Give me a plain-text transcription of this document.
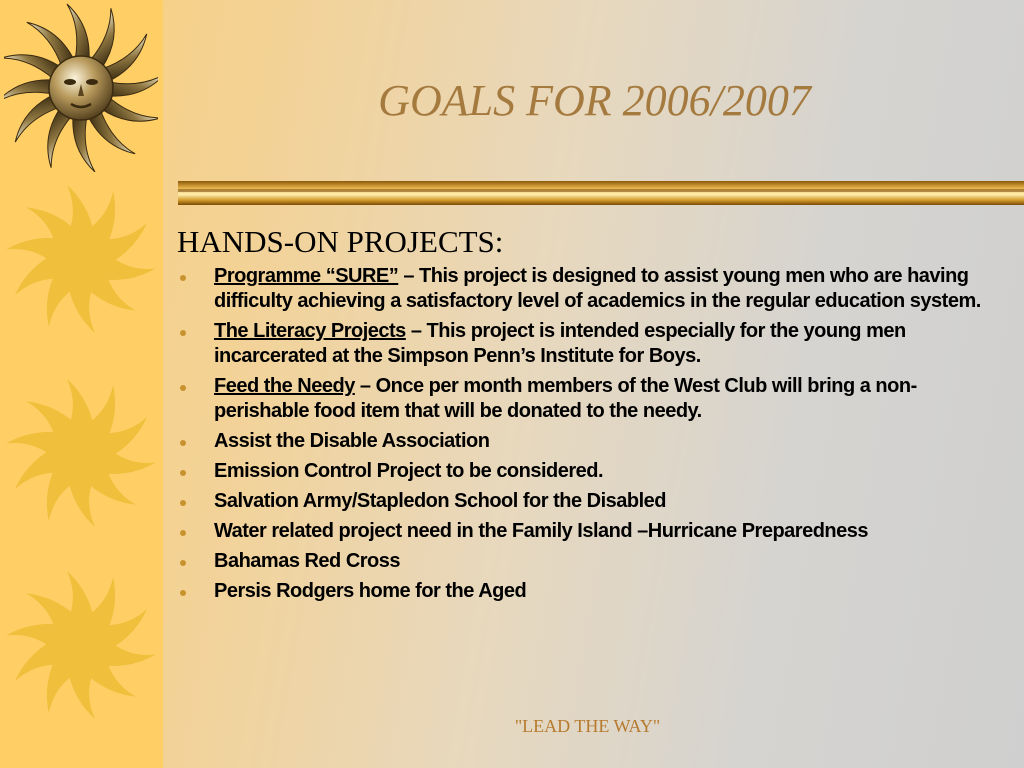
GOALS FOR 2006/2007
HANDS-ON PROJECTS:
Programme “SURE” – This project is designed to assist young men who are having difficulty achieving a satisfactory level of academics in the regular education system.
The Literacy Projects – This project is intended especially for the young men incarcerated at the Simpson Penn’s Institute for Boys.
Feed the Needy – Once per month members of the West Club will bring a non-perishable food item that will be donated to the needy.
Assist the Disable Association
Emission Control Project to be considered.
Salvation Army/Stapledon School for the Disabled
Water related project need in the Family Island –Hurricane Preparedness
Bahamas Red Cross
Persis Rodgers home for the Aged
"LEAD THE WAY"
